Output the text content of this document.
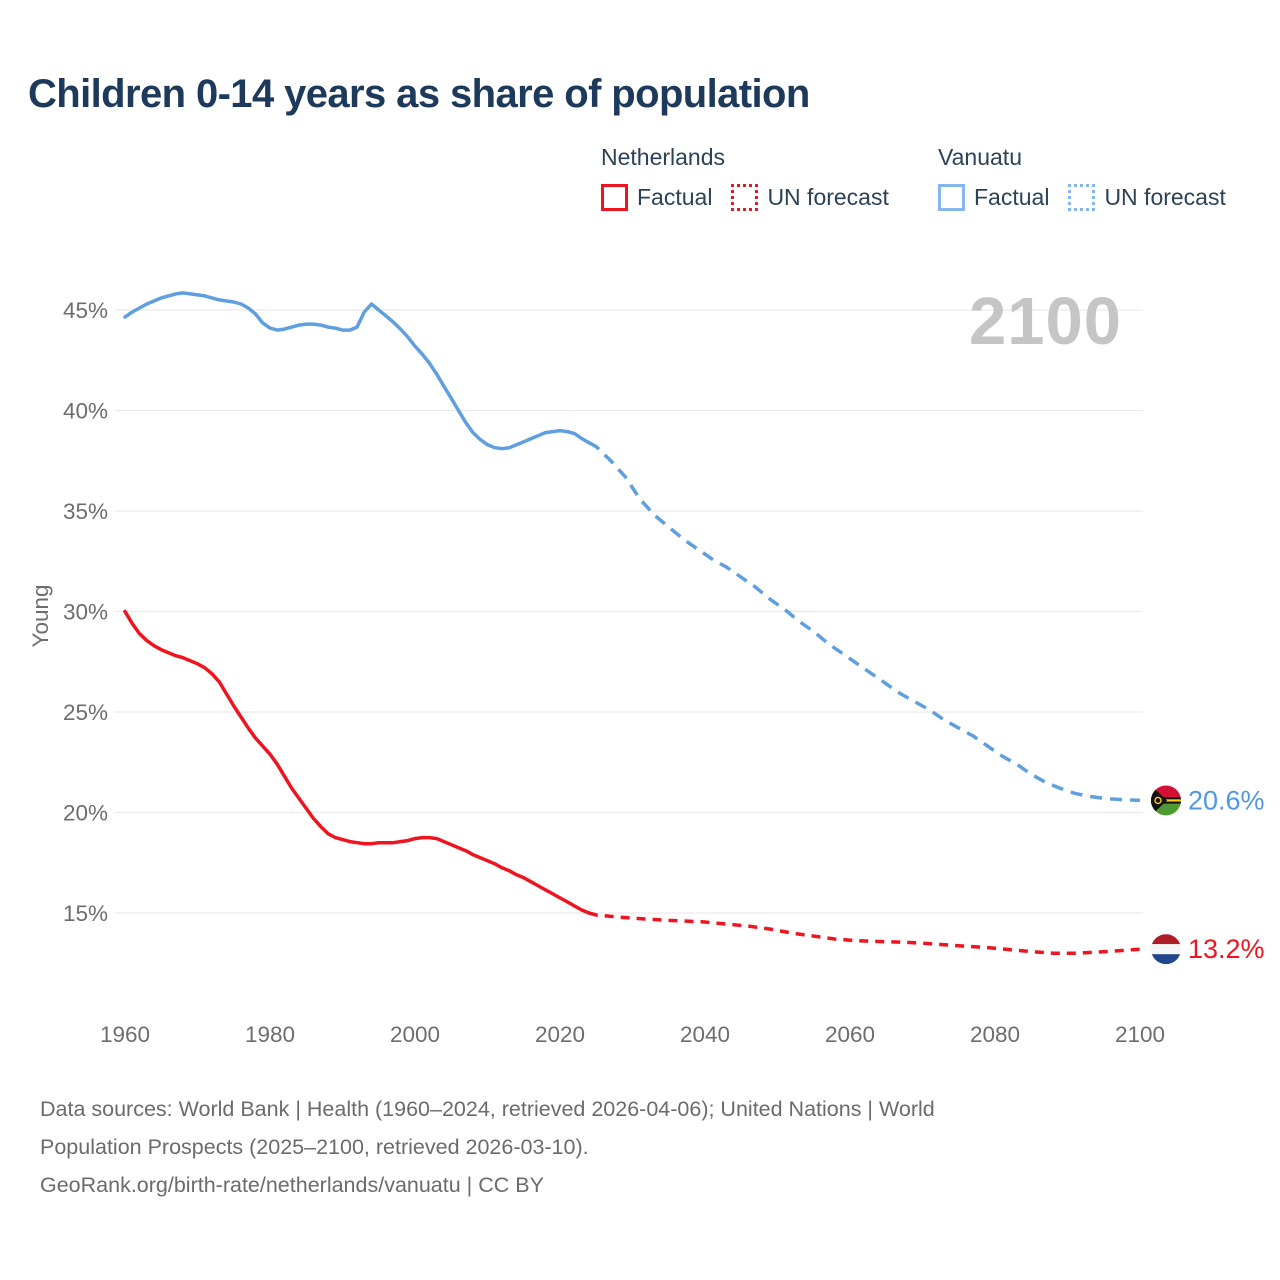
Children 0-14 years as share of population
Netherlands
Factual UN forecast
Vanuatu
Factual UN forecast
45%
40%
35%
30%
25%
20%
15%
2100
Young
1960	1980	2000	2020	2040	2060	2080	2100
20.6%
13.2%
Data sources: World Bank | Health (1960–2024, retrieved 2026-04-06); United Nations | World
Population Prospects (2025–2100, retrieved 2026-03-10).
GeoRank.org/birth-rate/netherlands/vanuatu | CC BY
